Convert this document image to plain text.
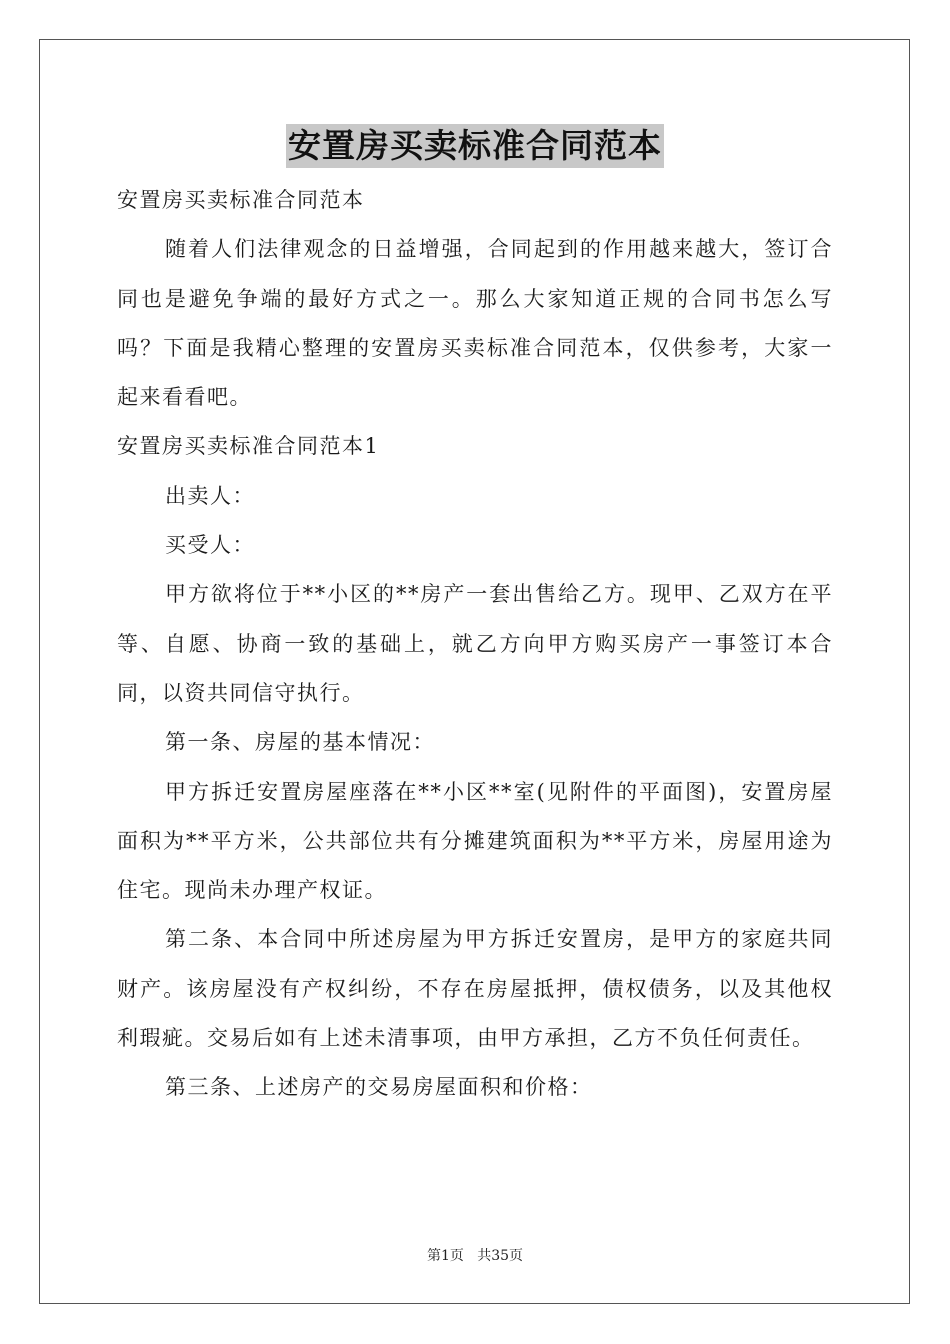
安置房买卖标准合同范本

安置房买卖标准合同范本

随着人们法律观念的日益增强，合同起到的作用越来越大，签订合同也是避免争端的最好方式之一。那么大家知道正规的合同书怎么写吗？下面是我精心整理的安置房买卖标准合同范本，仅供参考，大家一起来看看吧。

安置房买卖标准合同范本1

出卖人：

买受人：

甲方欲将位于**小区的**房产一套出售给乙方。现甲、乙双方在平等、自愿、协商一致的基础上，就乙方向甲方购买房产一事签订本合同，以资共同信守执行。

第一条、房屋的基本情况：

甲方拆迁安置房屋座落在**小区**室(见附件的平面图)，安置房屋面积为**平方米，公共部位共有分摊建筑面积为**平方米，房屋用途为住宅。现尚未办理产权证。

第二条、本合同中所述房屋为甲方拆迁安置房，是甲方的家庭共同财产。该房屋没有产权纠纷，不存在房屋抵押，债权债务，以及其他权利瑕疵。交易后如有上述未清事项，由甲方承担，乙方不负任何责任。

第三条、上述房产的交易房屋面积和价格：

第1页   共35页
